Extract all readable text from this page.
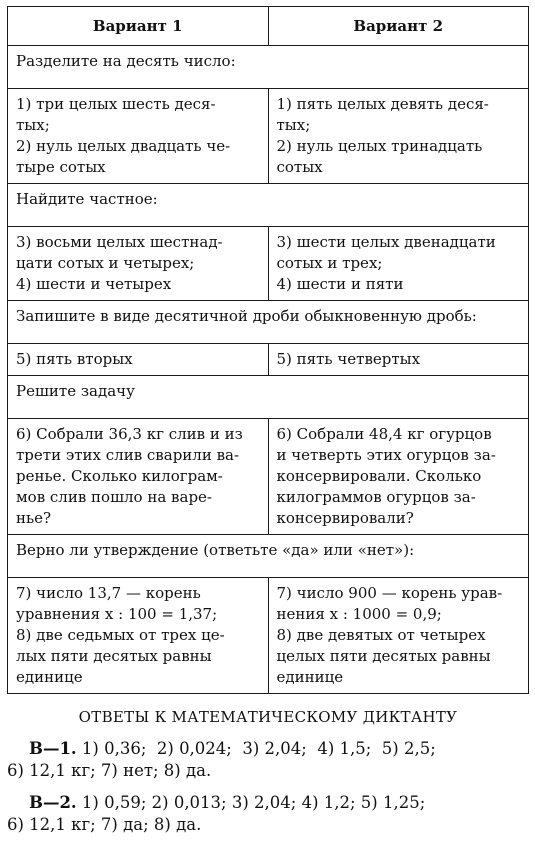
Вариант 1	Вариант 2
Разделите на десять число:	

1) три целых шесть деся-
тых;
2) нуль целых двадцать че-
тыре сотых	1) пять целых девять деся-
тых;
2) нуль целых тринадцать
сотых

Найдите частное:	

3) восьми целых шестнад-
цати сотых и четырех;
4) шести и четырех	3) шести целых двенадцати
сотых и трех;
4) шести и пяти

Запишите в виде десятичной дроби обыкновенную дробь:	

5) пять вторых	5) пять четвертых

Решите задачу	

6) Собрали 36,3 кг слив и из
трети этих слив сварили ва-
ренье. Сколько килограм-
мов слив пошло на варе-
нье?	6) Собрали 48,4 кг огурцов
и четверть этих огурцов за-
консервировали. Сколько
килограммов огурцов за-
консервировали?

Верно ли утверждение (ответьте «да» или «нет»):	

7) число 13,7 — корень
уравнения x : 100 = 1,37;
8) две седьмых от трех це-
лых пяти десятых равны
единице	7) число 900 — корень урав-
нения x : 1000 = 0,9;
8) две девятых от четырех
целых пяти десятых равны
единице
ОТВЕТЫ К МАТЕМАТИЧЕСКОМУ ДИКТАНТУ
В—1. 1) 0,36;  2) 0,024;  3) 2,04;  4) 1,5;  5) 2,5;
6) 12,1 кг; 7) нет; 8) да.
В—2. 1) 0,59; 2) 0,013; 3) 2,04; 4) 1,2; 5) 1,25;
6) 12,1 кг; 7) да; 8) да.
